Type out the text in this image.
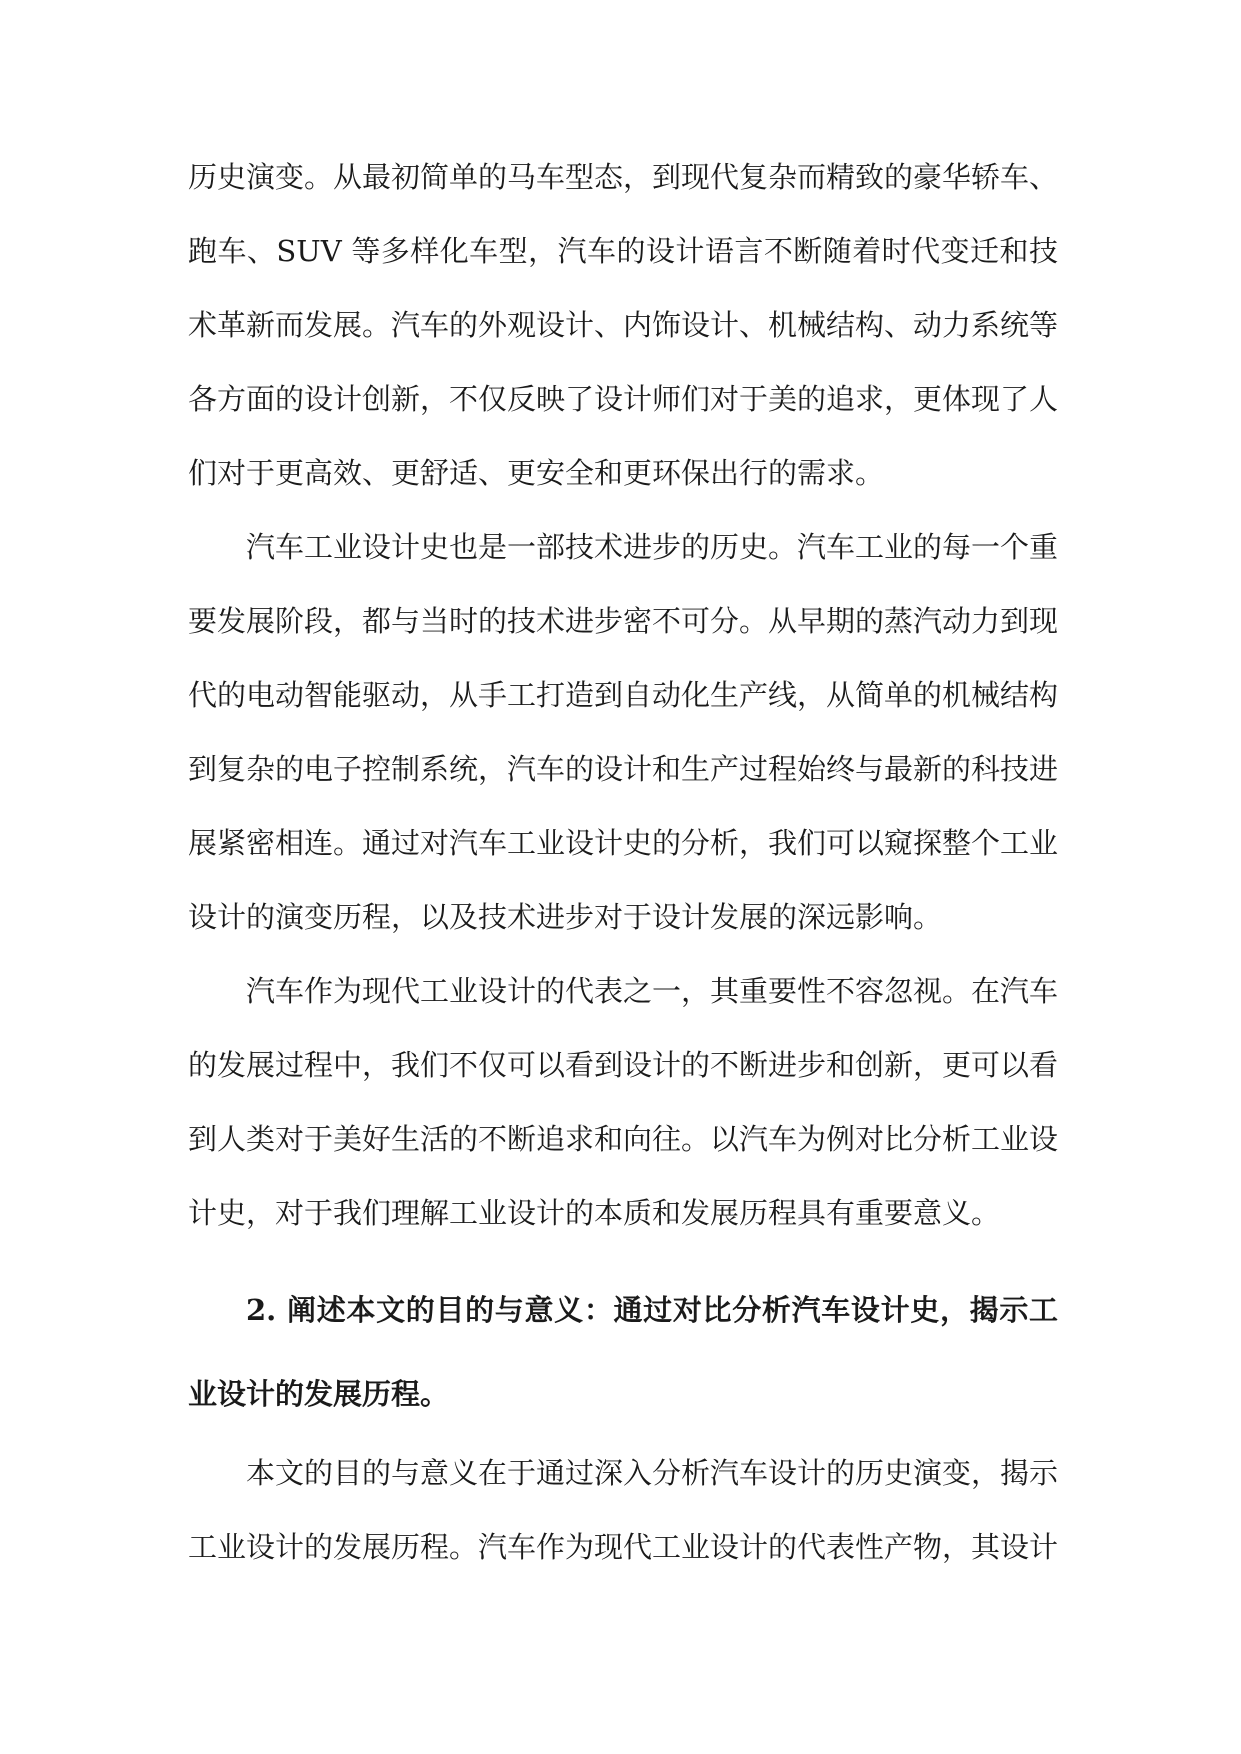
历史演变。从最初简单的马车型态，到现代复杂而精致的豪华轿车、跑车、SUV 等多样化车型，汽车的设计语言不断随着时代变迁和技术革新而发展。汽车的外观设计、内饰设计、机械结构、动力系统等各方面的设计创新，不仅反映了设计师们对于美的追求，更体现了人们对于更高效、更舒适、更安全和更环保出行的需求。

汽车工业设计史也是一部技术进步的历史。汽车工业的每一个重要发展阶段，都与当时的技术进步密不可分。从早期的蒸汽动力到现代的电动智能驱动，从手工打造到自动化生产线，从简单的机械结构到复杂的电子控制系统，汽车的设计和生产过程始终与最新的科技进展紧密相连。通过对汽车工业设计史的分析，我们可以窥探整个工业设计的演变历程，以及技术进步对于设计发展的深远影响。

汽车作为现代工业设计的代表之一，其重要性不容忽视。在汽车的发展过程中，我们不仅可以看到设计的不断进步和创新，更可以看到人类对于美好生活的不断追求和向往。以汽车为例对比分析工业设计史，对于我们理解工业设计的本质和发展历程具有重要意义。

2. 阐述本文的目的与意义：通过对比分析汽车设计史，揭示工业设计的发展历程。

本文的目的与意义在于通过深入分析汽车设计的历史演变，揭示工业设计的发展历程。汽车作为现代工业设计的代表性产物，其设计
